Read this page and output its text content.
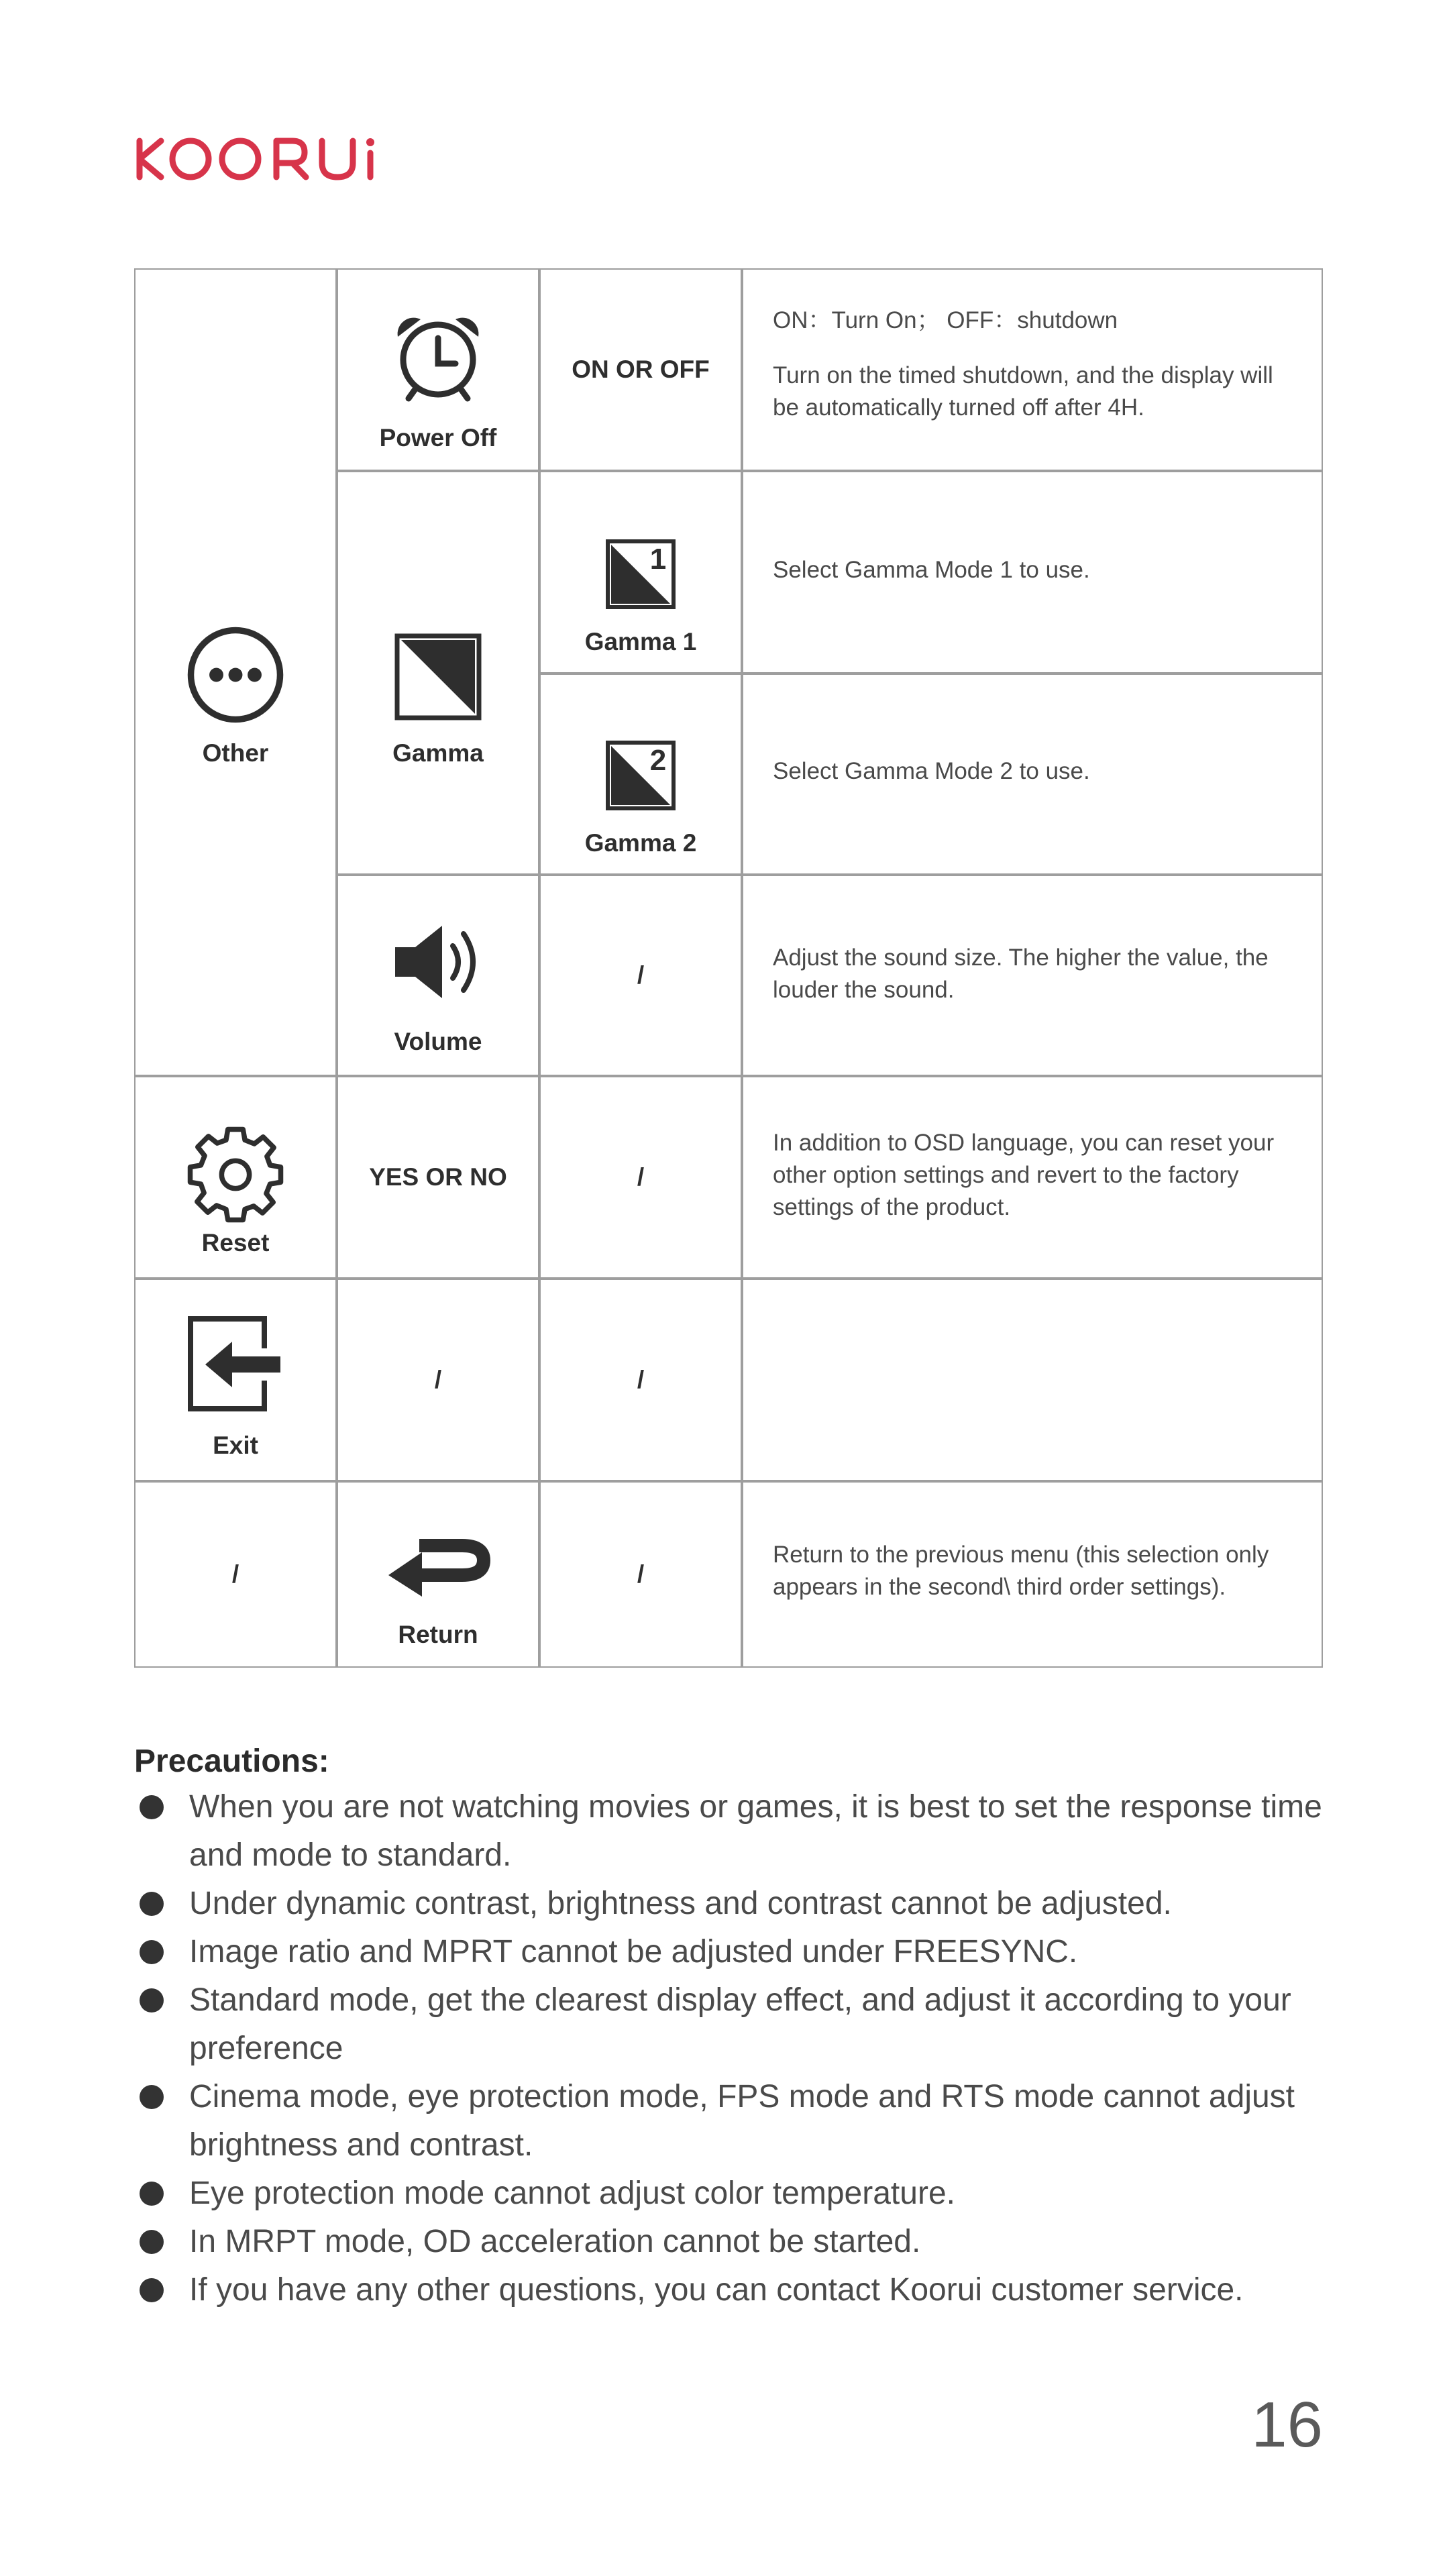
Other
Power Off
ON OR OFF
ON：Turn On； OFF：shutdown
Turn on the timed shutdown, and the display will be automatically turned off after 4H.
Gamma
1
Gamma 1
Select Gamma Mode 1 to use.
2
Gamma 2
Select Gamma Mode 2 to use.
Volume
/
Adjust the sound size. The higher the value, the louder the sound.
Reset
YES OR NO	/
In addition to OSD language, you can reset your other option settings and revert to the factory settings of the product.
Exit
/	/
/
Return
/
Return to the previous menu (this selection only appears in the second\ third order settings).
Precautions:
When you are not watching movies or games, it is best to set the response time and mode to standard.
Under dynamic contrast, brightness and contrast cannot be adjusted.
Image ratio and MPRT cannot be adjusted under FREESYNC.
Standard mode, get the clearest display effect, and adjust it according to your preference
Cinema mode, eye protection mode, FPS mode and RTS mode cannot adjust brightness and contrast.
Eye protection mode cannot adjust color temperature.
In MRPT mode, OD acceleration cannot be started.
If you have any other questions, you can contact Koorui customer service.
16
